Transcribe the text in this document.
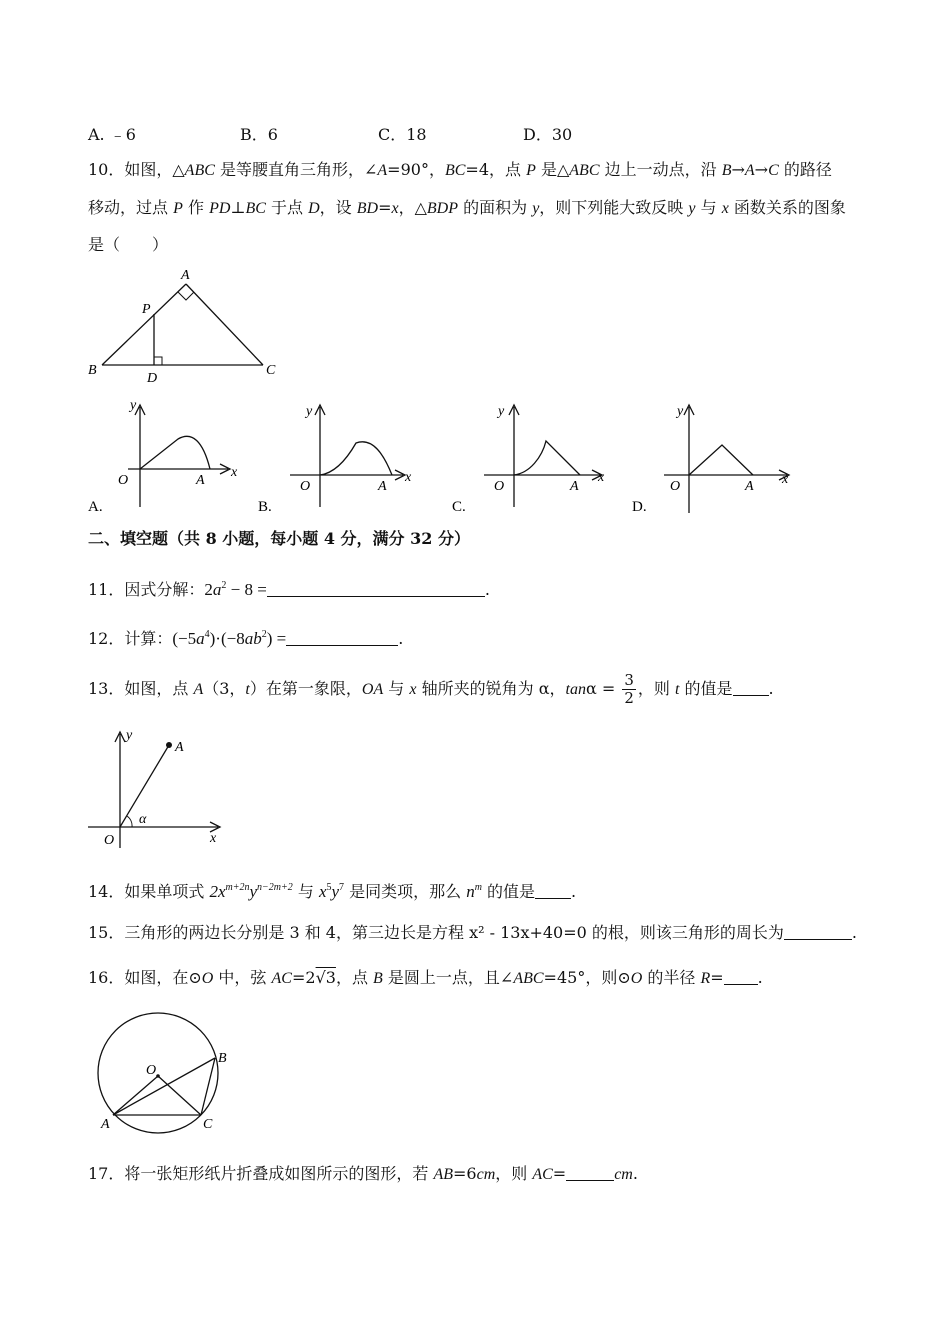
A. ﹣6	B．6	C．18	D．30
10．如图，△ABC 是等腰直角三角形，∠A=90°，BC=4，点 P 是△ABC 边上一动点，沿 B→A→C 的路径
移动，过点 P 作 PD⊥BC 于点 D，设 BD=x，△BDP 的面积为 y，则下列能大致反映 y 与 x 函数关系的图象
是（　　）
A
P
B
D
C
y
O	A
x
A.
y
O	A
x
B.
y
O	A
x
C.
y
O	A x
D.
二、填空题（共 8 小题，每小题 4 分，满分 32 分）
11．因式分解：$2a^2 - 8$ =	.
12．计算：$(-5a^4)\cdot(-8ab^2)$ =	.
13．如图，点 A（3，t）在第一象限，OA 与 x 轴所夹的锐角为 α，$\tan\alpha = \frac{3}{2}$ ，则 t 的值是 .
y
A
α
O	x
14．如果单项式 $2x^{m+2n}y^{n-2m+2}$ 与 $x^5y^7$ 是同类项，那么 $n^m$ 的值是 .
15．三角形的两边长分别是 3 和 4，第三边长是方程 x² - 13x+40=0 的根，则该三角形的周长为	.
16．如图，在⊙O 中，弦 AC=2√3，点 B 是圆上一点，且∠ABC=45°，则⊙O 的半径 R= .
O
B
A	C
17．将一张矩形纸片折叠成如图所示的图形，若 AB=6cm，则 AC=	cm.
